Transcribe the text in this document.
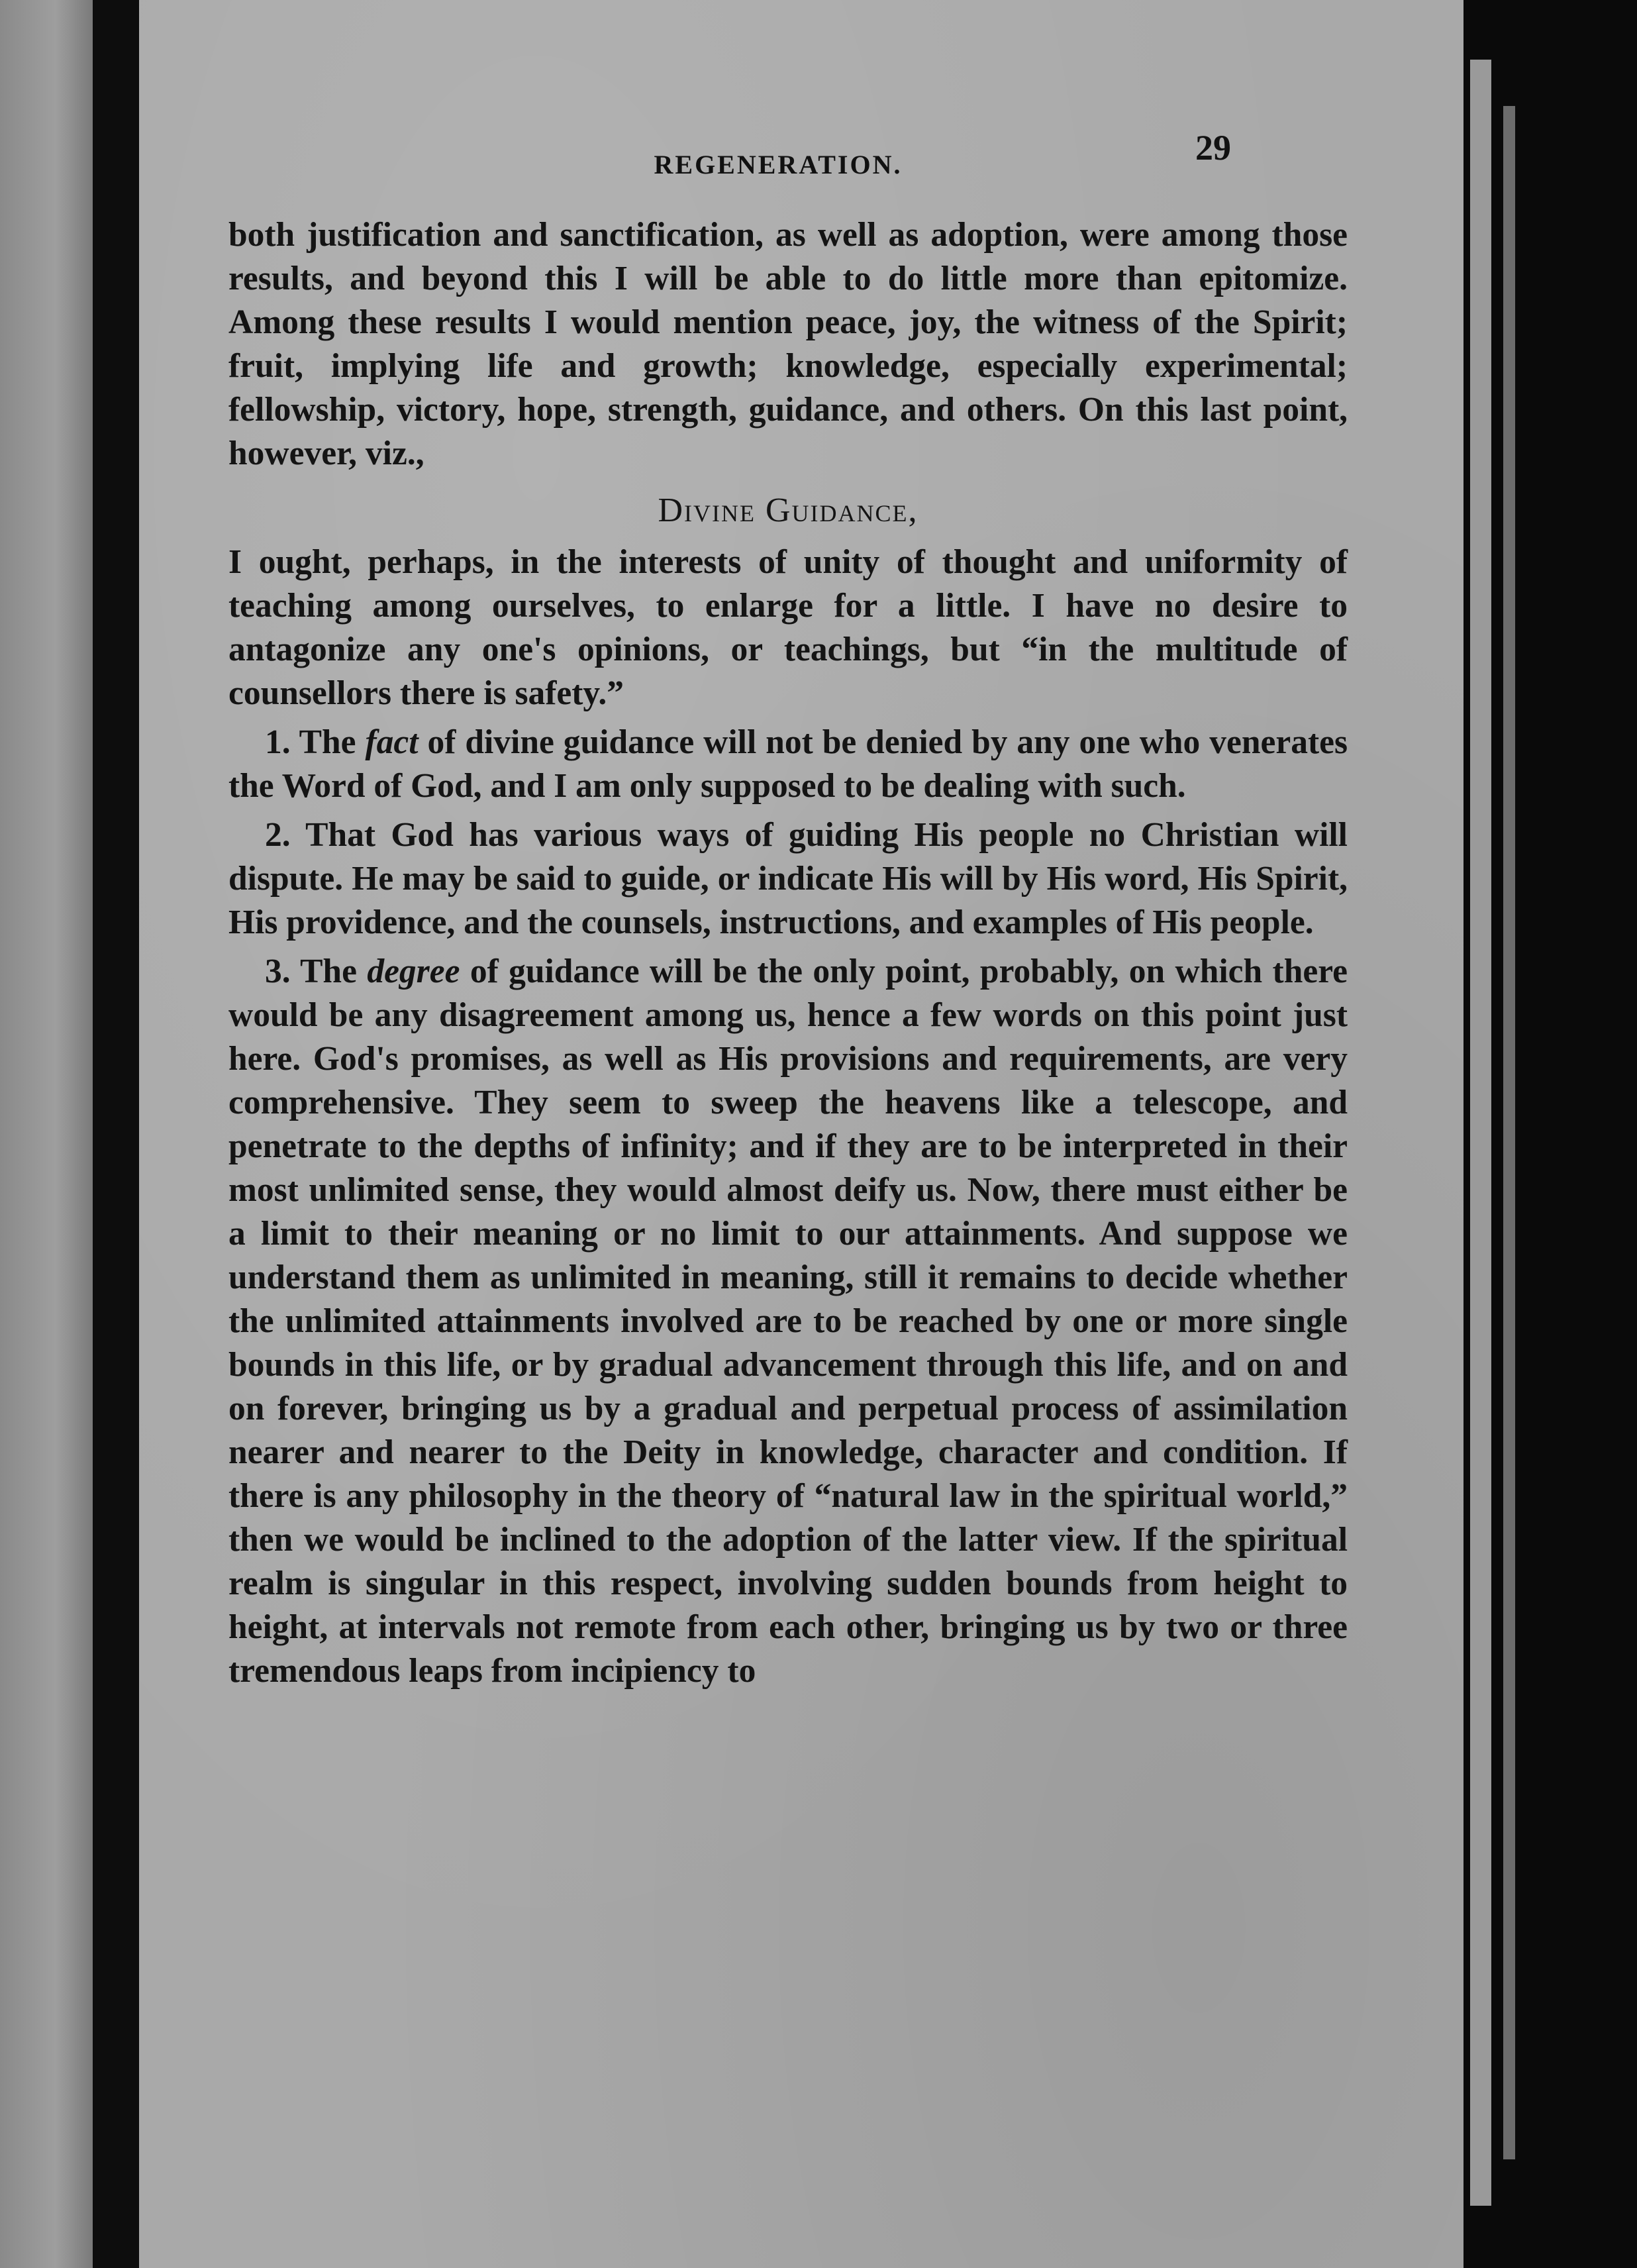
REGENERATION.	29

both justification and sanctification, as well as adoption, were among those results, and beyond this I will be able to do little more than epitomize. Among these results I would mention peace, joy, the witness of the Spirit; fruit, implying life and growth; knowledge, especially experimental; fellowship, victory, hope, strength, guidance, and others. On this last point, however, viz.,

Divine Guidance,

I ought, perhaps, in the interests of unity of thought and uniformity of teaching among ourselves, to enlarge for a little. I have no desire to antagonize any one's opinions, or teachings, but “in the multitude of counsellors there is safety.”

1. The fact of divine guidance will not be denied by any one who venerates the Word of God, and I am only supposed to be dealing with such.

2. That God has various ways of guiding His people no Christian will dispute. He may be said to guide, or indicate His will by His word, His Spirit, His providence, and the counsels, instructions, and examples of His people.

3. The degree of guidance will be the only point, probably, on which there would be any disagreement among us, hence a few words on this point just here. God's promises, as well as His provisions and requirements, are very comprehensive. They seem to sweep the heavens like a telescope, and penetrate to the depths of infinity; and if they are to be interpreted in their most unlimited sense, they would almost deify us. Now, there must either be a limit to their meaning or no limit to our attainments. And suppose we understand them as unlimited in meaning, still it remains to decide whether the unlimited attainments involved are to be reached by one or more single bounds in this life, or by gradual advancement through this life, and on and on forever, bringing us by a gradual and perpetual process of assimilation nearer and nearer to the Deity in knowledge, character and condition. If there is any philosophy in the theory of “natural law in the spiritual world,” then we would be inclined to the adoption of the latter view. If the spiritual realm is singular in this respect, involving sudden bounds from height to height, at intervals not remote from each other, bringing us by two or three tremendous leaps from incipiency to
